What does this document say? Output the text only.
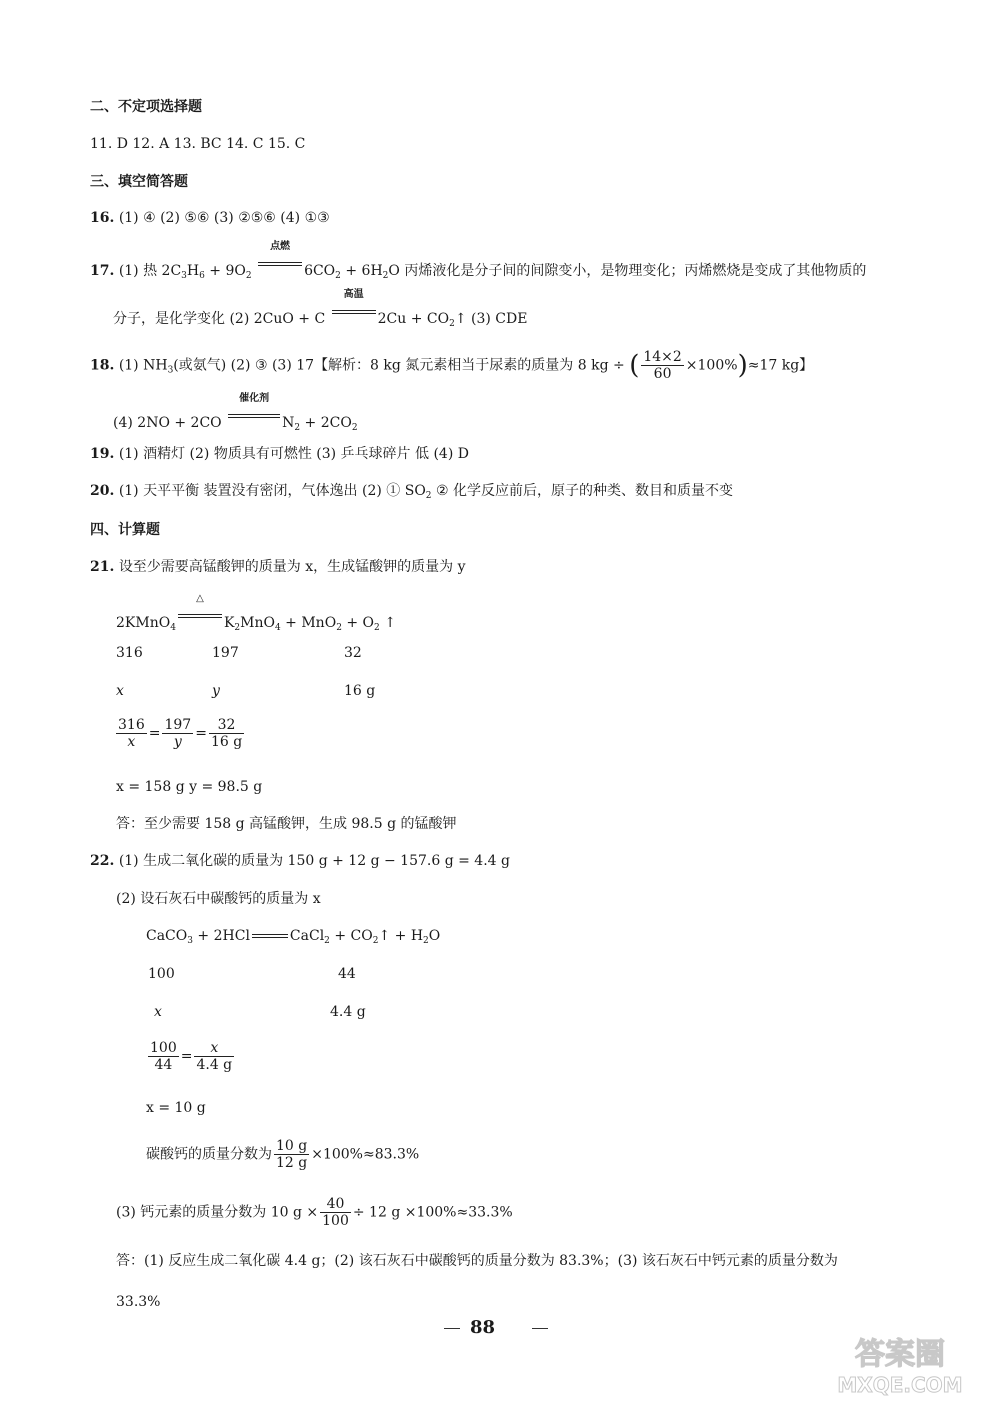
二、不定项选择题
11. D 12. A 13. BC 14. C 15. C
三、填空简答题
16. (1) ④ (2) ⑤⑥ (3) ②⑤⑥ (4) ①③
17. (1) 热 $2C_3H_6 + 9O_2$
点燃
$6CO_2 + 6H_2O$ 丙烯液化是分子间的间隙变小，是物理变化；丙烯燃烧是变成了其他物质的
分子，是化学变化 (2) 2CuO + C
高温
$2Cu + CO_2↑$ (3) CDE
18. (1) $NH_3$(或氨气) (2) ③ (3) 17【解析：8 kg 氮元素相当于尿素的质量为 8 kg ÷ ( $\frac{14\times 2}{60} \times 100\%)\approx 17$ kg】
(4) 2NO + 2CO
催化剂
$N_2 + 2CO_2$
19. (1) 酒精灯 (2) 物质具有可燃性 (3) 乒乓球碎片 低 (4) D
20. (1) 天平平衡 装置没有密闭，气体逸出 (2) ① $SO_2$ ② 化学反应前后，原子的种类、数目和质量不变
四、计算题
21. 设至少需要高锰酸钾的质量为 x，生成锰酸钾的质量为 y
2KMnO$_4$
△
$K_2MnO_4 + MnO_2 + O_2$ ↑
316	197	32
x	y	16 g
$\frac{316}{x} = \frac{197}{y} = \frac{32}{16 g}$
x = 158 g y = 98.5 g
答：至少需要 158 g 高锰酸钾，生成 98.5 g 的锰酸钾
22. (1) 生成二氧化碳的质量为 150 g + 12 g − 157.6 g = 4.4 g
(2) 设石灰石中碳酸钙的质量为 x
CaCO$_3$ + 2HCl	CaCl$_2$ + $CO_2↑ + H_2O$
100	44
x	4.4 g
$\frac{100}{44} = \frac{x}{4.4 g}$
x = 10 g
碳酸钙的质量分数为 $\frac{10 g}{12 g} \times 100\%\approx 83.3\%$
(3) 钙元素的质量分数为 10 $g \times \frac{40}{100} \div 12$ g ×100%≈33.3%
答：(1) 反应生成二氧化碳 4.4 g；(2) 该石灰石中碳酸钙的质量分数为 83.3%；(3) 该石灰石中钙元素的质量分数为
33.3%
88
答案圈
MXQE.COM
